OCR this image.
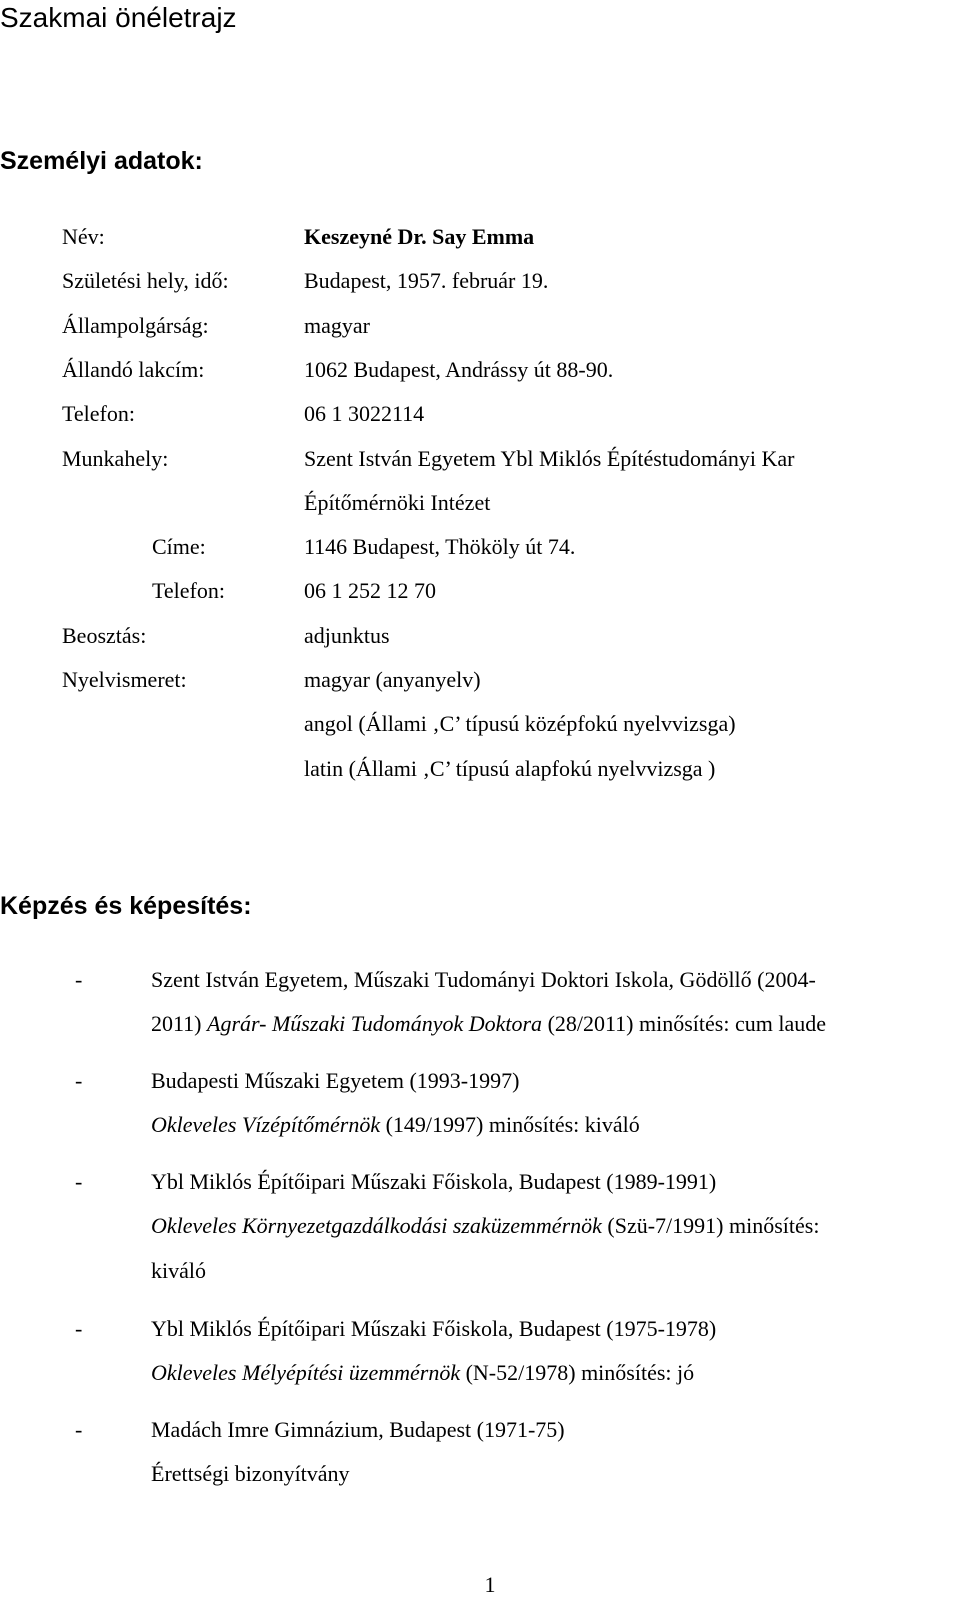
Szakmai önéletrajz
Személyi adatok:
Név:	Keszeyné Dr. Say Emma
Születési hely, idő:	Budapest, 1957. február 19.
Állampolgárság:	magyar
Állandó lakcím:	1062 Budapest, Andrássy út 88-90.
Telefon:	06 1 3022114
Munkahely:	Szent István Egyetem Ybl Miklós Építéstudományi Kar
Építőmérnöki Intézet
Címe:	1146 Budapest, Thököly út 74.
Telefon:	06 1 252 12 70
Beosztás:	adjunktus
Nyelvismeret:	magyar (anyanyelv)
angol (Állami ‚C’ típusú középfokú nyelvvizsga)
latin (Állami ‚C’ típusú alapfokú nyelvvizsga )
Képzés és képesítés:
-	Szent István Egyetem, Műszaki Tudományi Doktori Iskola, Gödöllő (2004-
2011) Agrár- Műszaki Tudományok Doktora (28/2011) minősítés: cum laude
-	Budapesti Műszaki Egyetem (1993-1997)
Okleveles Vízépítőmérnök (149/1997) minősítés: kiváló
-	Ybl Miklós Építőipari Műszaki Főiskola, Budapest (1989-1991)
Okleveles Környezetgazdálkodási szaküzemmérnök (Szü-7/1991) minősítés:
kiváló
-	Ybl Miklós Építőipari Műszaki Főiskola, Budapest (1975-1978)
Okleveles Mélyépítési üzemmérnök (N-52/1978) minősítés: jó
-	Madách Imre Gimnázium, Budapest (1971-75)
Érettségi bizonyítvány
1
